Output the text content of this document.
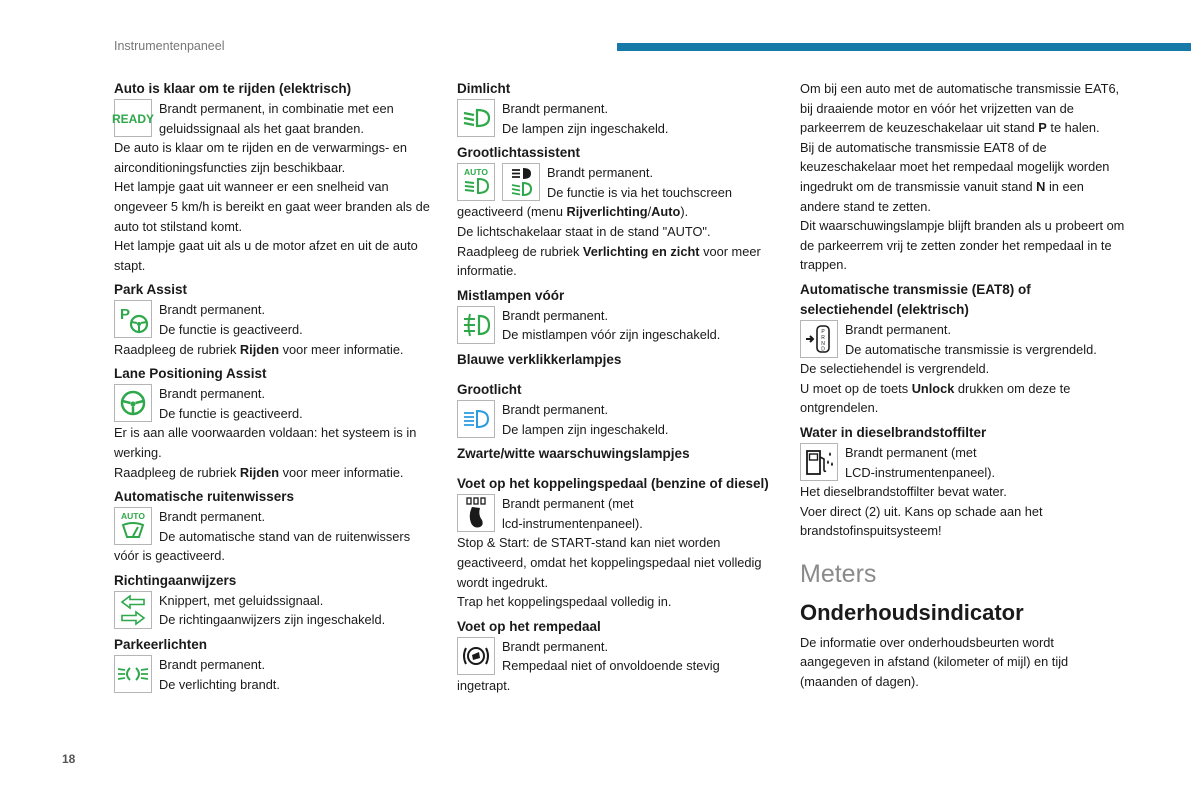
Instrumentenpaneel
18
Auto is klaar om te rijden (elektrisch)
READY

Brandt permanent, in combinatie met een

geluidssignaal als het gaat branden.

De auto is klaar om te rijden en de verwarmings- en airconditioningsfuncties zijn beschikbaar.

Het lampje gaat uit wanneer er een snelheid van ongeveer 5 km/h is bereikt en gaat weer branden als de auto tot stilstand komt.

Het lampje gaat uit als u de motor afzet en uit de auto stapt.

Park Assist
P Brandt permanent.

De functie is geactiveerd.

Raadpleeg de rubriek Rijden voor meer informatie.

Lane Positioning Assist

Brandt permanent.

De functie is geactiveerd.

Er is aan alle voorwaarden voldaan: het systeem is in werking.

Raadpleeg de rubriek Rijden voor meer informatie.

Automatische ruitenwissers
AUTO Brandt permanent.

De automatische stand van de ruitenwissers

vóór is geactiveerd.

Richtingaanwijzers

Knippert, met geluidssignaal.

De richtingaanwijzers zijn ingeschakeld.

Parkeerlichten

Brandt permanent.

De verlichting brandt.

Dimlicht

Brandt permanent.

De lampen zijn ingeschakeld.

Grootlichtassistent
AUTO	Brandt permanent.

De functie is via het touchscreen

geactiveerd (menu Rijverlichting/Auto).

De lichtschakelaar staat in de stand "AUTO".

Raadpleeg de rubriek Verlichting en zicht voor meer informatie.

Mistlampen vóór

Brandt permanent.

De mistlampen vóór zijn ingeschakeld.

Blauwe verklikkerlampjes
Grootlicht

Brandt permanent.

De lampen zijn ingeschakeld.

Zwarte/witte waarschuwingslampjes
Voet op het koppelingspedaal (benzine of diesel)

Brandt permanent (met

lcd-instrumentenpaneel).

Stop & Start: de START-stand kan niet worden geactiveerd, omdat het koppelingspedaal niet volledig wordt ingedrukt.

Trap het koppelingspedaal volledig in.

Voet op het rempedaal

Brandt permanent.

Rempedaal niet of onvoldoende stevig

ingetrapt.

Om bij een auto met de automatische transmissie EAT6, bij draaiende motor en vóór het vrijzetten van de parkeerrem de keuzeschakelaar uit stand P te halen.

Bij de automatische transmissie EAT8 of de keuzeschakelaar moet het rempedaal mogelijk worden ingedrukt om de transmissie vanuit stand N in een andere stand te zetten.

Dit waarschuwingslampje blijft branden als u probeert om de parkeerrem vrij te zetten zonder het rempedaal in te trappen.

Automatische transmissie (EAT8) of selectiehendel (elektrisch)
P
R
N
D

Brandt permanent.

De automatische transmissie is vergrendeld.

De selectiehendel is vergrendeld.

U moet op de toets Unlock drukken om deze te ontgrendelen.

Water in dieselbrandstoffilter

Brandt permanent (met

LCD-instrumentenpaneel).

Het dieselbrandstoffilter bevat water.

Voer direct (2) uit. Kans op schade aan het brandstofinspuitsysteem!

Meters
Onderhoudsindicator

De informatie over onderhoudsbeurten wordt aangegeven in afstand (kilometer of mijl) en tijd (maanden of dagen).
